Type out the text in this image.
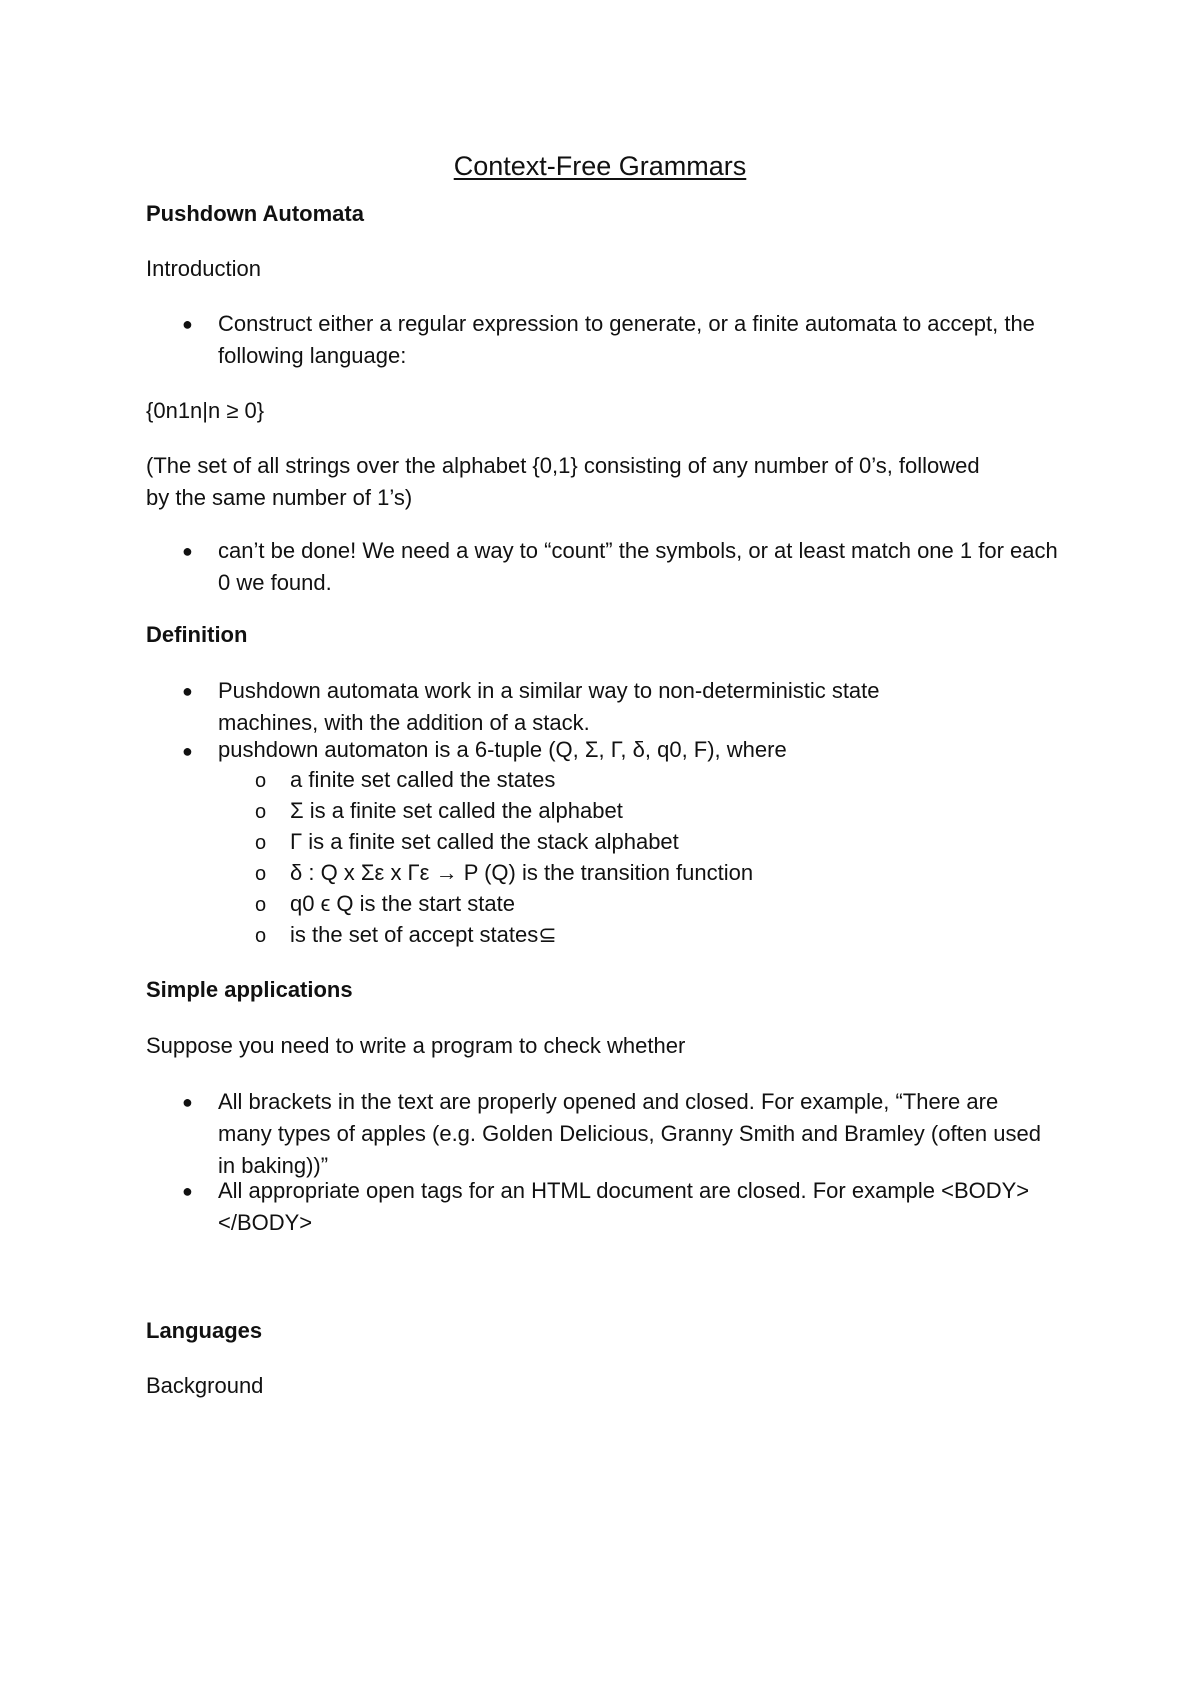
Context-Free Grammars
Pushdown Automata
Introduction
● Construct either a regular expression to generate, or a finite automata to accept, the following language:
{0n1n|n ≥ 0}
(The set of all strings over the alphabet {0,1} consisting of any number of 0’s, followed by the same number of 1’s)
● can’t be done! We need a way to “count” the symbols, or at least match one 1 for each 0 we found.
Definition
● Pushdown automata work in a similar way to non-deterministic state machines, with the addition of a stack.
● pushdown automaton is a 6-tuple (Q, Σ, Γ, δ, q0, F), where
o a finite set called the states
o Σ is a finite set called the alphabet
o Γ is a finite set called the stack alphabet
o δ : Q x Σε x Γε → P (Q) is the transition function
o q0 ϵ Q is the start state
o is the set of accept states⊆
Simple applications
Suppose you need to write a program to check whether
● All brackets in the text are properly opened and closed. For example, “There are many types of apples (e.g. Golden Delicious, Granny Smith and Bramley (often used in baking))”
● All appropriate open tags for an HTML document are closed. For example <BODY> </BODY>
Languages
Background
